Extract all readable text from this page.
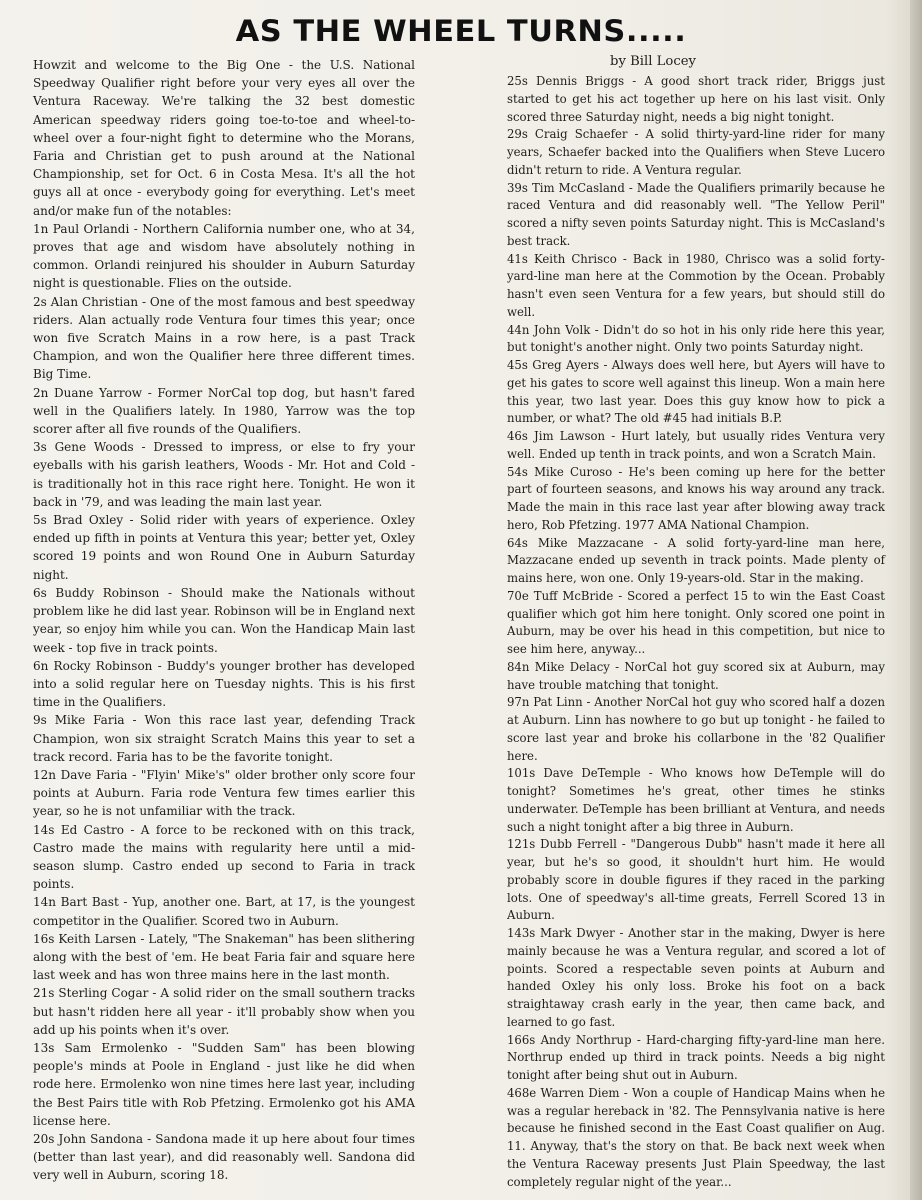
AS THE WHEEL TURNS.....
by Bill Locey

Howzit and welcome to the Big One - the U.S. National Speedway Qualifier right before your very eyes all over the Ventura Raceway. We're talking the 32 best domestic American speedway riders going toe-to-toe and wheel-to-wheel over a four-night fight to determine who the Morans, Faria and Christian get to push around at the National Championship, set for Oct. 6 in Costa Mesa. It's all the hot guys all at once - everybody going for everything. Let's meet and/or make fun of the notables:

1n Paul Orlandi - Northern California number one, who at 34, proves that age and wisdom have absolutely nothing in common. Orlandi reinjured his shoulder in Auburn Saturday night is questionable. Flies on the outside.

2s Alan Christian - One of the most famous and best speedway riders. Alan actually rode Ventura four times this year; once won five Scratch Mains in a row here, is a past Track Champion, and won the Qualifier here three different times. Big Time.

2n Duane Yarrow - Former NorCal top dog, but hasn't fared well in the Qualifiers lately. In 1980, Yarrow was the top scorer after all five rounds of the Qualifiers.

3s Gene Woods - Dressed to impress, or else to fry your eyeballs with his garish leathers, Woods - Mr. Hot and Cold - is traditionally hot in this race right here. Tonight. He won it back in '79, and was leading the main last year.

5s Brad Oxley - Solid rider with years of experience. Oxley ended up fifth in points at Ventura this year; better yet, Oxley scored 19 points and won Round One in Auburn Saturday night.

6s Buddy Robinson - Should make the Nationals without problem like he did last year. Robinson will be in England next year, so enjoy him while you can. Won the Handicap Main last week - top five in track points.

6n Rocky Robinson - Buddy's younger brother has developed into a solid regular here on Tuesday nights. This is his first time in the Qualifiers.

9s Mike Faria - Won this race last year, defending Track Champion, won six straight Scratch Mains this year to set a track record. Faria has to be the favorite tonight.

12n Dave Faria - "Flyin' Mike's" older brother only score four points at Auburn. Faria rode Ventura few times earlier this year, so he is not unfamiliar with the track.

14s Ed Castro - A force to be reckoned with on this track, Castro made the mains with regularity here until a mid-season slump. Castro ended up second to Faria in track points.

14n Bart Bast - Yup, another one. Bart, at 17, is the youngest competitor in the Qualifier. Scored two in Auburn.

16s Keith Larsen - Lately, "The Snakeman" has been slithering along with the best of 'em. He beat Faria fair and square here last week and has won three mains here in the last month.

21s Sterling Cogar - A solid rider on the small southern tracks but hasn't ridden here all year - it'll probably show when you add up his points when it's over.

13s Sam Ermolenko - "Sudden Sam" has been blowing people's minds at Poole in England - just like he did when rode here. Ermolenko won nine times here last year, including the Best Pairs title with Rob Pfetzing. Ermolenko got his AMA license here.

20s John Sandona - Sandona made it up here about four times (better than last year), and did reasonably well. Sandona did very well in Auburn, scoring 18.

25s Dennis Briggs - A good short track rider, Briggs just started to get his act together up here on his last visit. Only scored three Saturday night, needs a big night tonight.

29s Craig Schaefer - A solid thirty-yard-line rider for many years, Schaefer backed into the Qualifiers when Steve Lucero didn't return to ride. A Ventura regular.

39s Tim McCasland - Made the Qualifiers primarily because he raced Ventura and did reasonably well. "The Yellow Peril" scored a nifty seven points Saturday night. This is McCasland's best track.

41s Keith Chrisco - Back in 1980, Chrisco was a solid forty-yard-line man here at the Commotion by the Ocean. Probably hasn't even seen Ventura for a few years, but should still do well.

44n John Volk - Didn't do so hot in his only ride here this year, but tonight's another night. Only two points Saturday night.

45s Greg Ayers - Always does well here, but Ayers will have to get his gates to score well against this lineup. Won a main here this year, two last year. Does this guy know how to pick a number, or what? The old #45 had initials B.P.

46s Jim Lawson - Hurt lately, but usually rides Ventura very well. Ended up tenth in track points, and won a Scratch Main.

54s Mike Curoso - He's been coming up here for the better part of fourteen seasons, and knows his way around any track. Made the main in this race last year after blowing away track hero, Rob Pfetzing. 1977 AMA National Champion.

64s Mike Mazzacane - A solid forty-yard-line man here, Mazzacane ended up seventh in track points. Made plenty of mains here, won one. Only 19-years-old. Star in the making.

70e Tuff McBride - Scored a perfect 15 to win the East Coast qualifier which got him here tonight. Only scored one point in Auburn, may be over his head in this competition, but nice to see him here, anyway...

84n Mike Delacy - NorCal hot guy scored six at Auburn, may have trouble matching that tonight.

97n Pat Linn - Another NorCal hot guy who scored half a dozen at Auburn. Linn has nowhere to go but up tonight - he failed to score last year and broke his collarbone in the '82 Qualifier here.

101s Dave DeTemple - Who knows how DeTemple will do tonight? Sometimes he's great, other times he stinks underwater. DeTemple has been brilliant at Ventura, and needs such a night tonight after a big three in Auburn.

121s Dubb Ferrell - "Dangerous Dubb" hasn't made it here all year, but he's so good, it shouldn't hurt him. He would probably score in double figures if they raced in the parking lots. One of speedway's all-time greats, Ferrell Scored 13 in Auburn.

143s Mark Dwyer - Another star in the making, Dwyer is here mainly because he was a Ventura regular, and scored a lot of points. Scored a respectable seven points at Auburn and handed Oxley his only loss. Broke his foot on a back straightaway crash early in the year, then came back, and learned to go fast.

166s Andy Northrup - Hard-charging fifty-yard-line man here. Northrup ended up third in track points. Needs a big night tonight after being shut out in Auburn.

468e Warren Diem - Won a couple of Handicap Mains when he was a regular hereback in '82. The Pennsylvania native is here because he finished second in the East Coast qualifier on Aug. 11. Anyway, that's the story on that. Be back next week when the Ventura Raceway presents Just Plain Speedway, the last completely regular night of the year...
